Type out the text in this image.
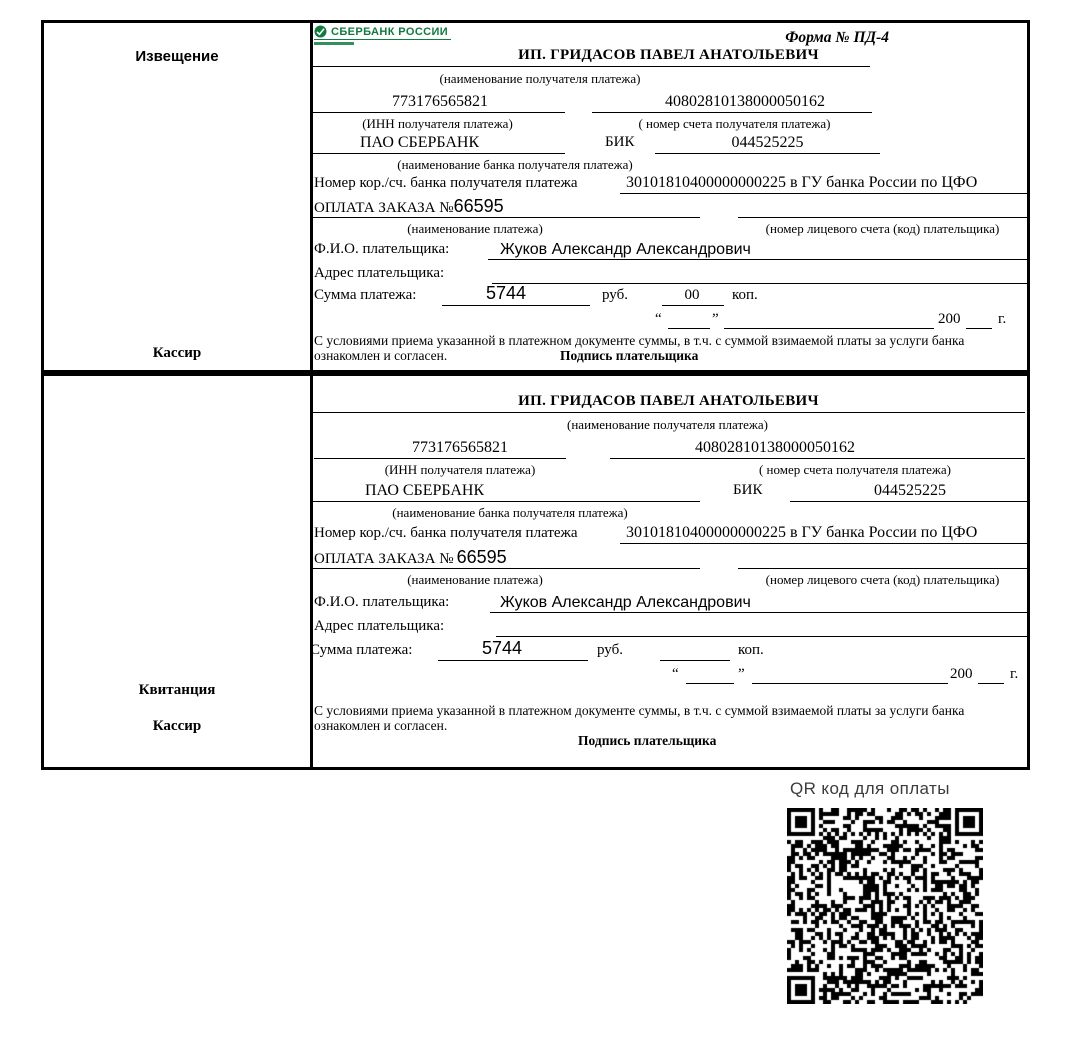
Извещение
Кассир
СБЕРБАНК РОССИИ	Форма № ПД-4
ИП. ГРИДАСОВ ПАВЕЛ АНАТОЛЬЕВИЧ
(наименование получателя платежа)
773176565821	40802810138000050162
(ИНН получателя платежа)	( номер счета получателя платежа)
ПАО СБЕРБАНК	БИК	044525225
(наименование банка получателя платежа)
Номер кор./сч. банка получателя платежа	30101810400000000225 в ГУ банка России по ЦФО
ОПЛАТА ЗАКАЗА №66595
(наименование платежа)	(номер лицевого счета (код) плательщика)
Ф.И.О. плательщика:	Жуков Александр Александрович
Адрес плательщика:
Сумма платежа:	5744	руб.	00	коп.
“	”	200	г.
С условиями приема указанной в платежном документе суммы, в т.ч. с суммой взимаемой платы за услуги банка
ознакомлен и согласен.	Подпись плательщика
Квитанция
Кассир
ИП. ГРИДАСОВ ПАВЕЛ АНАТОЛЬЕВИЧ
(наименование получателя платежа)
773176565821	40802810138000050162
(ИНН получателя платежа)	( номер счета получателя платежа)
ПАО СБЕРБАНК	БИК	044525225
(наименование банка получателя платежа)
Номер кор./сч. банка получателя платежа	30101810400000000225 в ГУ банка России по ЦФО
ОПЛАТА ЗАКАЗА № 66595
(наименование платежа)	(номер лицевого счета (код) плательщика)
Ф.И.О. плательщика:	Жуков Александр Александрович
Адрес плательщика:
Сумма платежа:	5744	руб.	коп.
“	”	200	г.
С условиями приема указанной в платежном документе суммы, в т.ч. с суммой взимаемой платы за услуги банка
ознакомлен и согласен.
Подпись плательщика
QR код для оплаты
